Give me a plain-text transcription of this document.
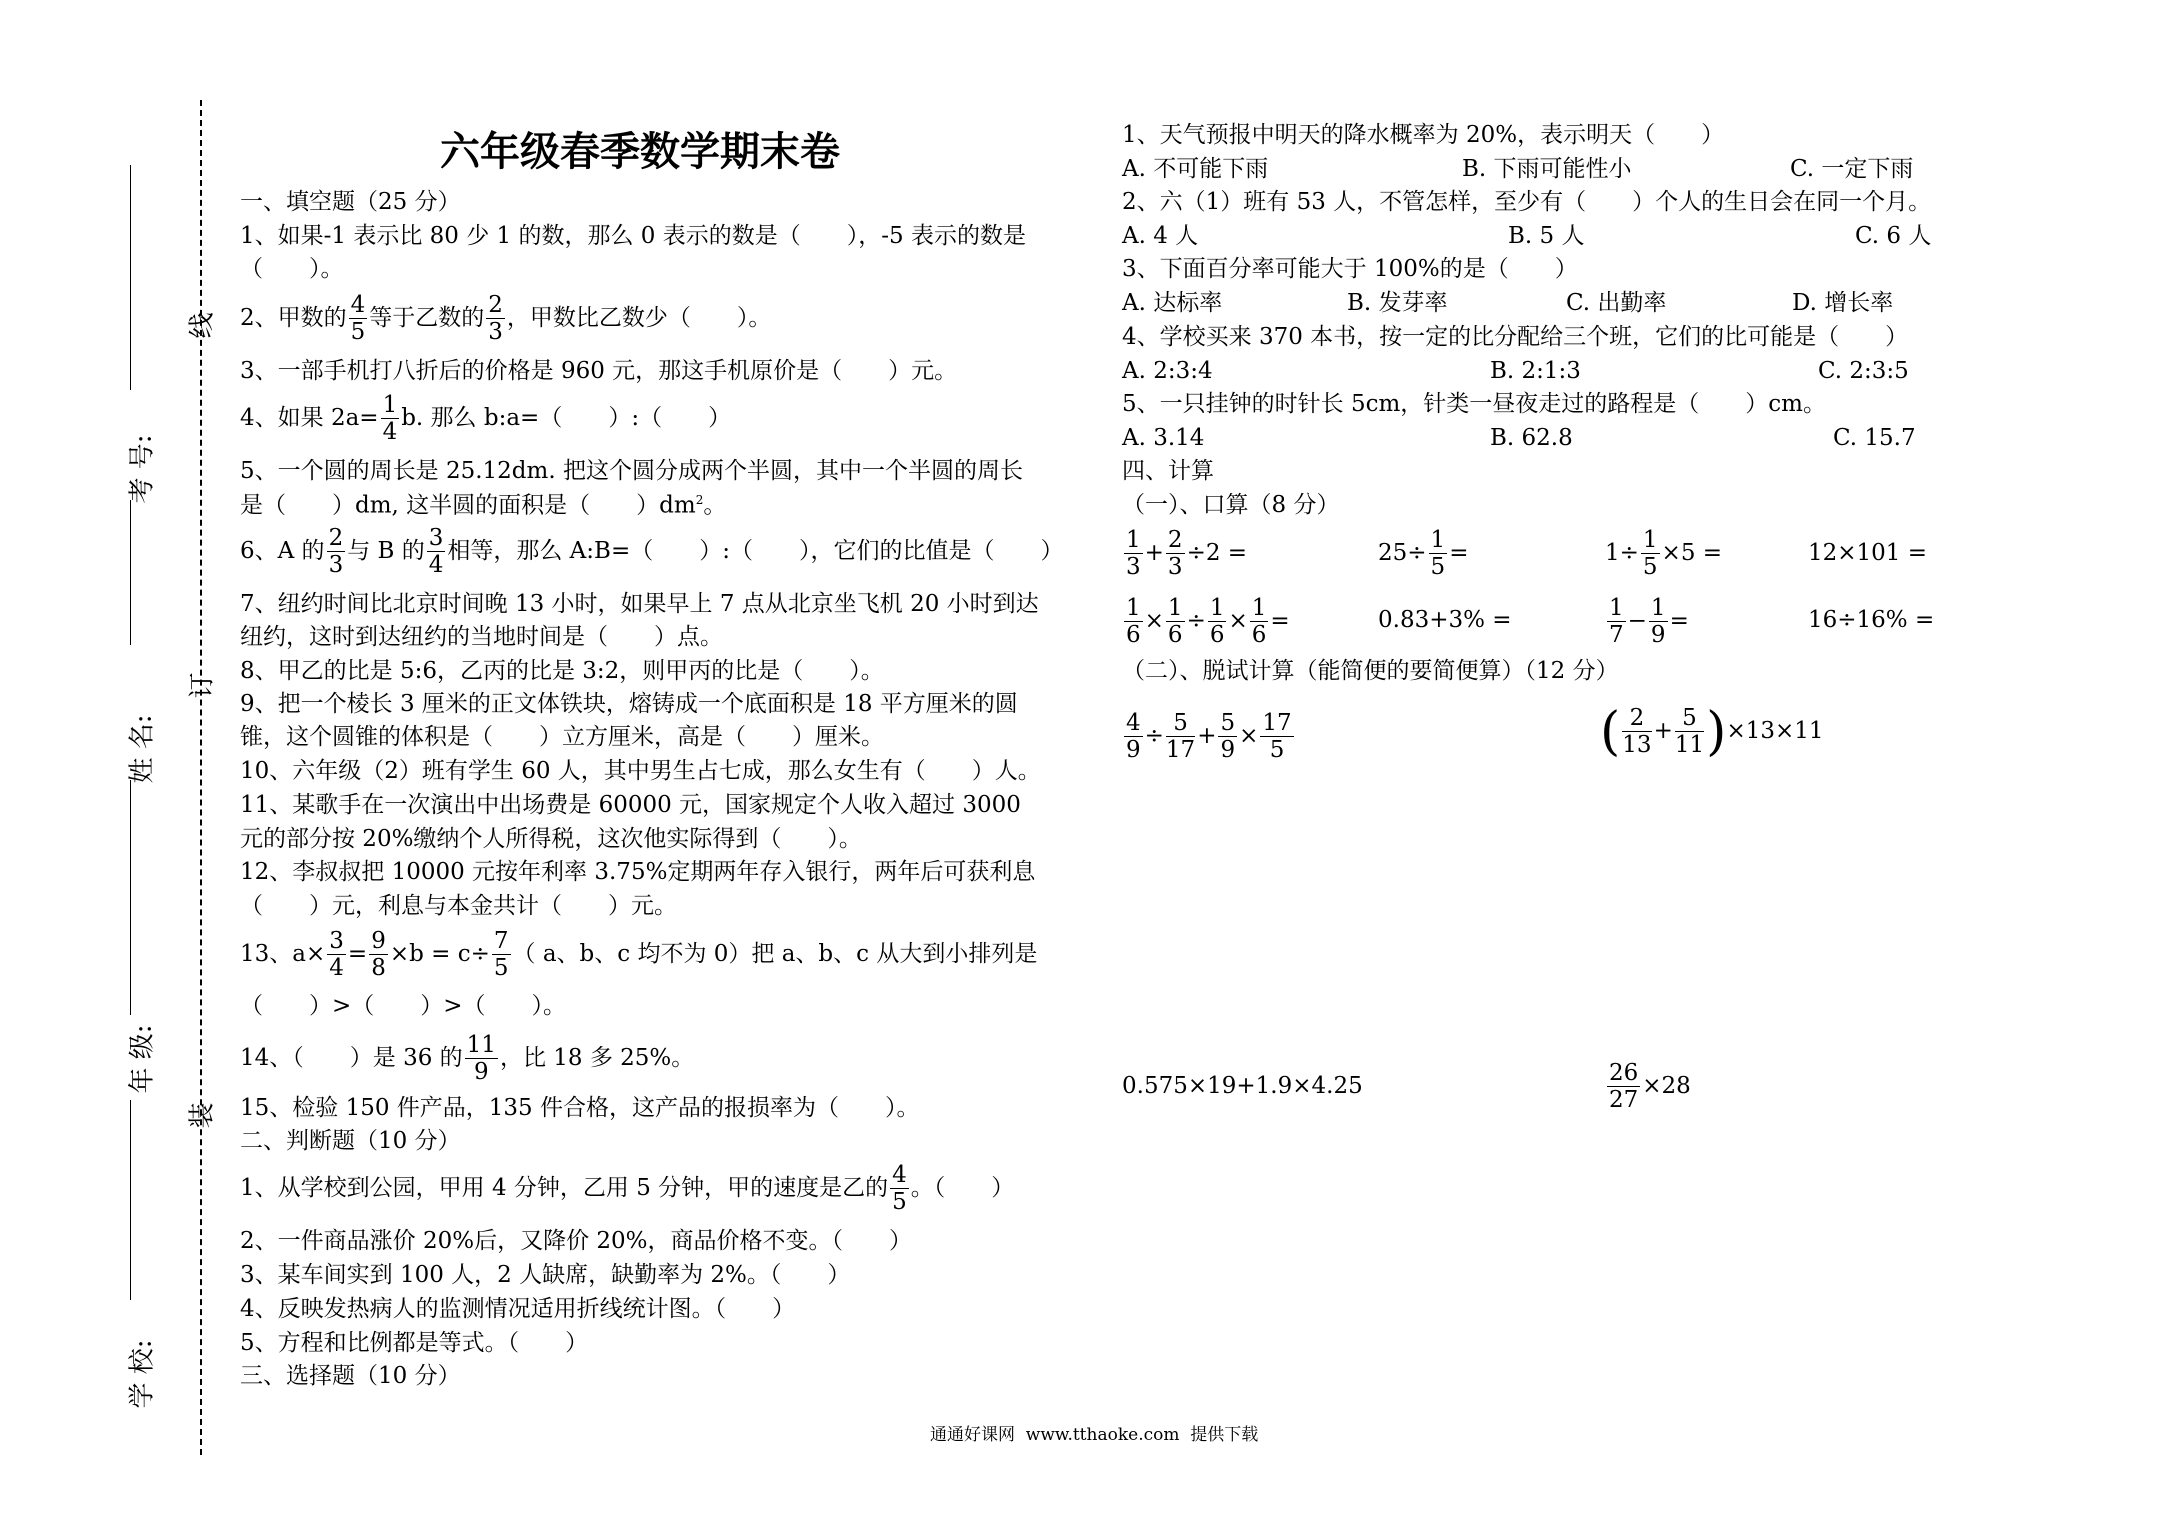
考 号:
姓 名:
年 级:
学 校:
线
订
装
六年级春季数学期末卷
一、填空题（25 分）
1、如果-1 表示比 80 少 1 的数，那么 0 表示的数是（　　），-5 表示的数是
（　　）。
2、甲数的 $\frac{4}{5}$ 等于乙数的 $\frac{2}{3}$ ，甲数比乙数少（　　）。
3、一部手机打八折后的价格是 960 元，那这手机原价是（　　）元。
4、如果 $2a= \frac{1}{4} b$. 那么 b:a=（　　）:（　　）
5、一个圆的周长是 25.12dm. 把这个圆分成两个半圆，其中一个半圆的周长
是（　　）dm, 这半圆的面积是（　　）$dm^2$。
6、A 的 $\frac{2}{3}$ 与 B 的 $\frac{3}{4}$ 相等，那么 A:B=（　　）:（　　），它们的比值是（　　）
7、纽约时间比北京时间晚 13 小时，如果早上 7 点从北京坐飞机 20 小时到达
纽约，这时到达纽约的当地时间是（　　）点。
8、甲乙的比是 5:6，乙丙的比是 3:2，则甲丙的比是（　　）。
9、把一个棱长 3 厘米的正文体铁块，熔铸成一个底面积是 18 平方厘米的圆
锥，这个圆锥的体积是（　　）立方厘米，高是（　　）厘米。
10、六年级（2）班有学生 60 人，其中男生占七成，那么女生有（　　）人。
11、某歌手在一次演出中出场费是 60000 元，国家规定个人收入超过 3000
元的部分按 20%缴纳个人所得税，这次他实际得到（　　）。
12、李叔叔把 10000 元按年利率 3.75%定期两年存入银行，两年后可获利息
（　　）元，利息与本金共计（　　）元。
13、$a\times \frac{3}{4} = \frac{9}{8} \times b = c\div \frac{7}{5}$ （ a、b、c 均不为 0）把 a、b、c 从大到小排列是
（　　）>（　　）>（　　）。
14、（　　）是 36 的 $\frac{11}{9}$ ，比 18 多 25%。
15、检验 150 件产品，135 件合格，这产品的报损率为（　　）。
二、判断题（10 分）
1、从学校到公园，甲用 4 分钟，乙用 5 分钟，甲的速度是乙的 $\frac{4}{5}$ 。（　　）
2、一件商品涨价 20%后，又降价 20%，商品价格不变。（　　）
3、某车间实到 100 人，2 人缺席，缺勤率为 2%。（　　）
4、反映发热病人的监测情况适用折线统计图。（　　）
5、方程和比例都是等式。（　　）
三、选择题（10 分）
1、天气预报中明天的降水概率为 20%，表示明天（　　）
A. 不可能下雨	B. 下雨可能性小	C. 一定下雨
2、六（1）班有 53 人，不管怎样，至少有（　　）个人的生日会在同一个月。
A. 4 人	B. 5 人	C. 6 人
3、下面百分率可能大于 100%的是（　　）
A. 达标率	B. 发芽率	C. 出勤率	D. 增长率
4、学校买来 370 本书，按一定的比分配给三个班，它们的比可能是（　　）
A. 2:3:4	B. 2:1:3	C. 2:3:5
5、一只挂钟的时针长 5cm，针类一昼夜走过的路程是（　　）cm。
A. 3.14	B. 62.8	C. 15.7
四、计算
（一）、口算（8 分）
$\frac{1}{3} + \frac{2}{3} \div 2$ =	$25\div \frac{1}{5}$ =	$1\div \frac{1}{5} \times 5$ =	12×101 =
$\frac{1}{6} \times \frac{1}{6} \div \frac{1}{6} \times \frac{1}{6}$ =	0.83+3% =	$\frac{1}{7} - \frac{1}{9}$ =	16÷16% =
（二）、脱试计算（能简便的要简便算）（12 分）
$\frac{4}{9} \div \frac{5}{17} + \frac{5}{9} \times \frac{17}{5}$	( $\frac{2}{13} + \frac{5}{11} )\times 13\times 11$
0.575×19+1.9×4.25	$\frac{26}{27} \times 28$
通通好课网  www.tthaoke.com  提供下载
